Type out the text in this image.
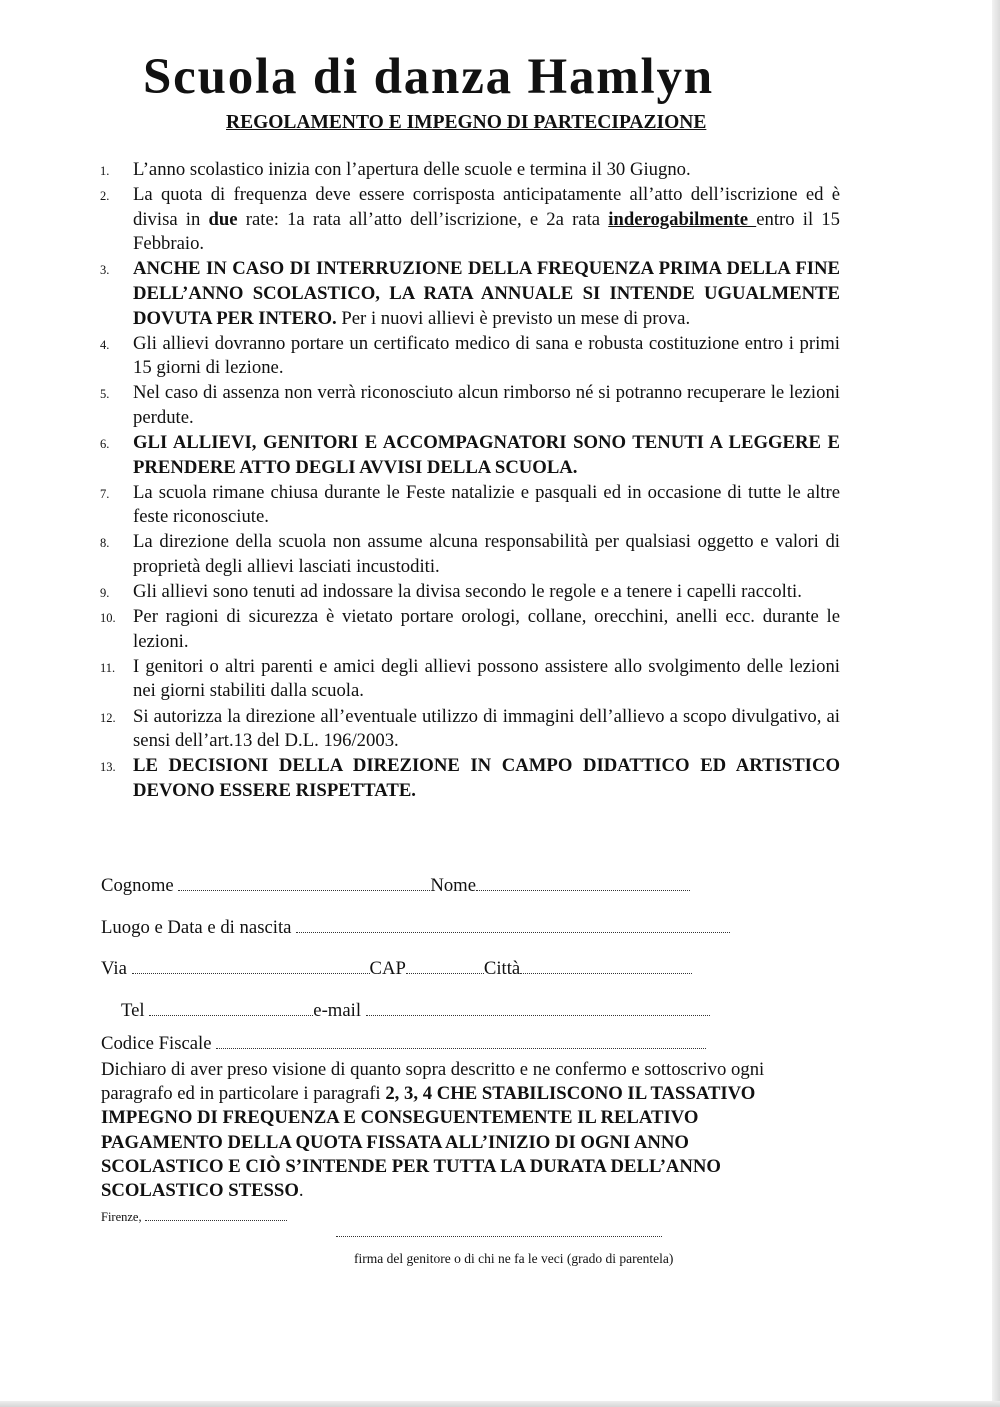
Scuola di danza Hamlyn
REGOLAMENTO E IMPEGNO DI PARTECIPAZIONE
1. L’anno scolastico inizia con l’apertura delle scuole e termina il 30 Giugno.
2. La quota di frequenza deve essere corrisposta anticipatamente all’atto dell’iscrizione ed è divisa in due rate: 1a rata all’atto dell’iscrizione, e 2a rata inderogabilmente entro il 15 Febbraio.
3. ANCHE IN CASO DI INTERRUZIONE DELLA FREQUENZA PRIMA DELLA FINE DELL’ANNO SCOLASTICO, LA RATA ANNUALE SI INTENDE UGUALMENTE DOVUTA PER INTERO. Per i nuovi allievi è previsto un mese di prova.
4. Gli allievi dovranno portare un certificato medico di sana e robusta costituzione entro i primi 15 giorni di lezione.
5. Nel caso di assenza non verrà riconosciuto alcun rimborso né si potranno recuperare le lezioni perdute.
6. GLI ALLIEVI, GENITORI E ACCOMPAGNATORI SONO TENUTI A LEGGERE E PRENDERE ATTO DEGLI AVVISI DELLA SCUOLA.
7. La scuola rimane chiusa durante le Feste natalizie e pasquali ed in occasione di tutte le altre feste riconosciute.
8. La direzione della scuola non assume alcuna responsabilità per qualsiasi oggetto e valori di proprietà degli allievi lasciati incustoditi.
9. Gli allievi sono tenuti ad indossare la divisa secondo le regole e a tenere i capelli raccolti.
10. Per ragioni di sicurezza è vietato portare orologi, collane, orecchini, anelli ecc. durante le lezioni.
11. I genitori o altri parenti e amici degli allievi possono assistere allo svolgimento delle lezioni nei giorni stabiliti dalla scuola.
12. Si autorizza la direzione all’eventuale utilizzo di immagini dell’allievo a scopo divulgativo, ai sensi dell’art.13 del D.L. 196/2003.
13. LE DECISIONI DELLA DIREZIONE IN CAMPO DIDATTICO ED ARTISTICO DEVONO ESSERE RISPETTATE.
Cognome	Nome
Luogo e Data e di nascita
Via	CAP	Città
Tel	e-mail
Codice Fiscale
Dichiaro di aver preso visione di quanto sopra descritto e ne confermo e sottoscrivo ogni paragrafo ed in particolare i paragrafi 2, 3, 4 CHE STABILISCONO IL TASSATIVO IMPEGNO DI FREQUENZA E CONSEGUENTEMENTE IL RELATIVO PAGAMENTO DELLA QUOTA FISSATA ALL’INIZIO DI OGNI ANNO SCOLASTICO E CIÒ S’INTENDE PER TUTTA LA DURATA DELL’ANNO SCOLASTICO STESSO.
Firenze,
firma del genitore o di chi ne fa le veci (grado di parentela)
